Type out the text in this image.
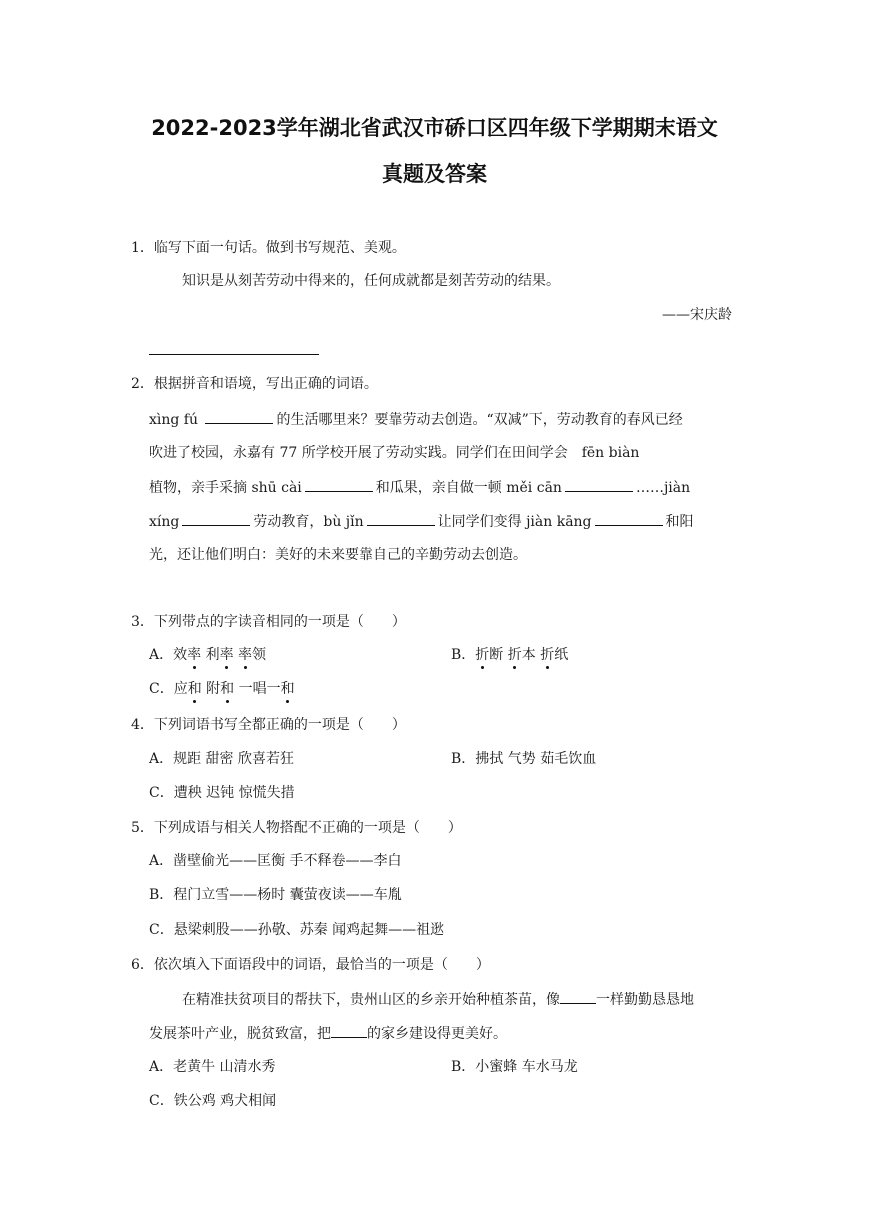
2022-2023学年湖北省武汉市硚口区四年级下学期期末语文
真题及答案
1．临写下面一句话。做到书写规范、美观。
知识是从刻苦劳动中得来的，任何成就都是刻苦劳动的结果。
——宋庆龄
2．根据拼音和语境，写出正确的词语。
xìng fú	的生活哪里来？要靠劳动去创造。“双减”下，劳动教育的春风已经
吹进了校园，永嘉有 77 所学校开展了劳动实践。同学们在田间学会　fēn biàn
植物，亲手采摘 shū cài	和瓜果，亲自做一顿 měi cān	……jiàn
xíng	劳动教育，bù jǐn	让同学们变得 jiàn kāng	和阳
光，还让他们明白：美好的未来要靠自己的辛勤劳动去创造。
3．下列带点的字读音相同的一项是（　　）
A．效率 利率 率领	B．折断 折本 折纸
C．应和 附和 一唱一和
4．下列词语书写全都正确的一项是（　　）
A．规距 甜密 欣喜若狂	B．拂拭 气势 茹毛饮血
C．遭秧 迟钝 惊慌失措
5．下列成语与相关人物搭配不正确的一项是（　　）
A．凿壁偷光——匡衡 手不释卷——李白
B．程门立雪——杨时 囊萤夜读——车胤
C．悬梁刺股——孙敬、苏秦 闻鸡起舞——祖逖
6．依次填入下面语段中的词语，最恰当的一项是（　　）
在精准扶贫项目的帮扶下，贵州山区的乡亲开始种植茶苗，像	一样勤勤恳恳地
发展茶叶产业，脱贫致富，把	的家乡建设得更美好。
A．老黄牛 山清水秀	B．小蜜蜂 车水马龙
C．铁公鸡 鸡犬相闻
